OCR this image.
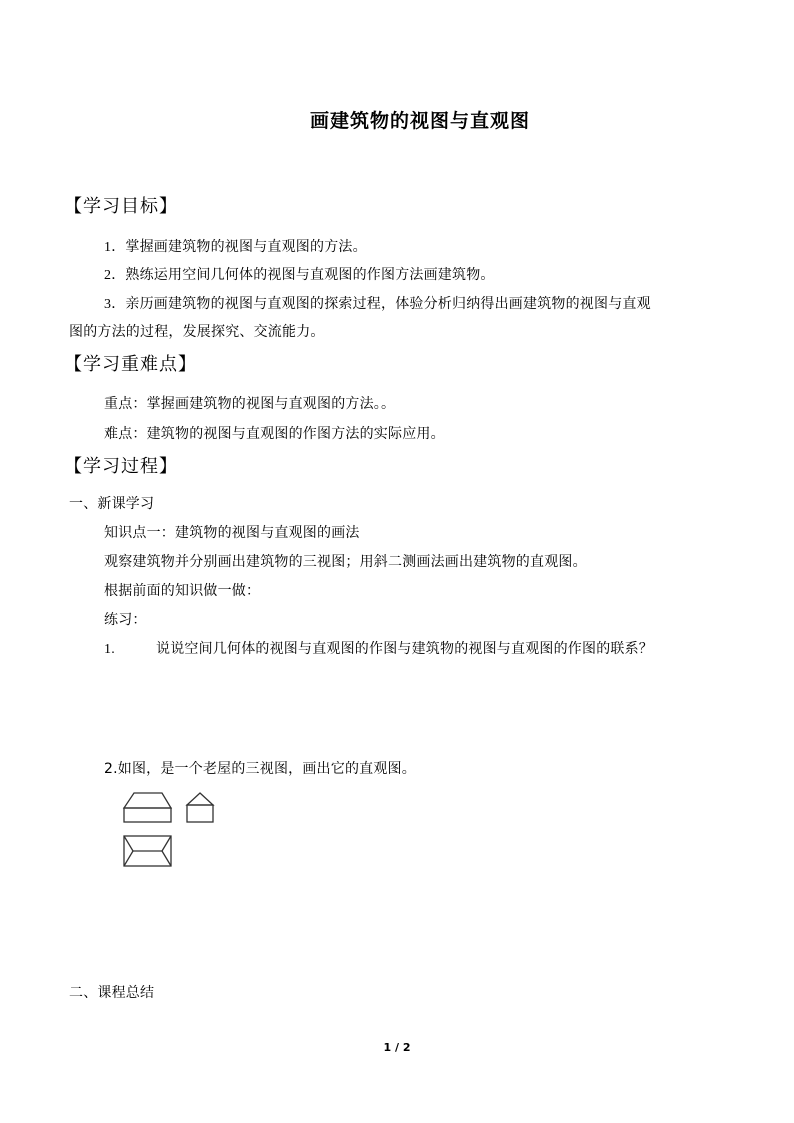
画建筑物的视图与直观图
【学习目标】
1．掌握画建筑物的视图与直观图的方法。
2．熟练运用空间几何体的视图与直观图的作图方法画建筑物。
3．亲历画建筑物的视图与直观图的探索过程，体验分析归纳得出画建筑物的视图与直观
图的方法的过程，发展探究、交流能力。
【学习重难点】
重点：掌握画建筑物的视图与直观图的方法。。
难点：建筑物的视图与直观图的作图方法的实际应用。
【学习过程】
一、新课学习
知识点一：建筑物的视图与直观图的画法
观察建筑物并分别画出建筑物的三视图；用斜二测画法画出建筑物的直观图。
根据前面的知识做一做：
练习：
1.	说说空间几何体的视图与直观图的作图与建筑物的视图与直观图的作图的联系？
2.如图，是一个老屋的三视图，画出它的直观图。
二、课程总结
1 / 2
